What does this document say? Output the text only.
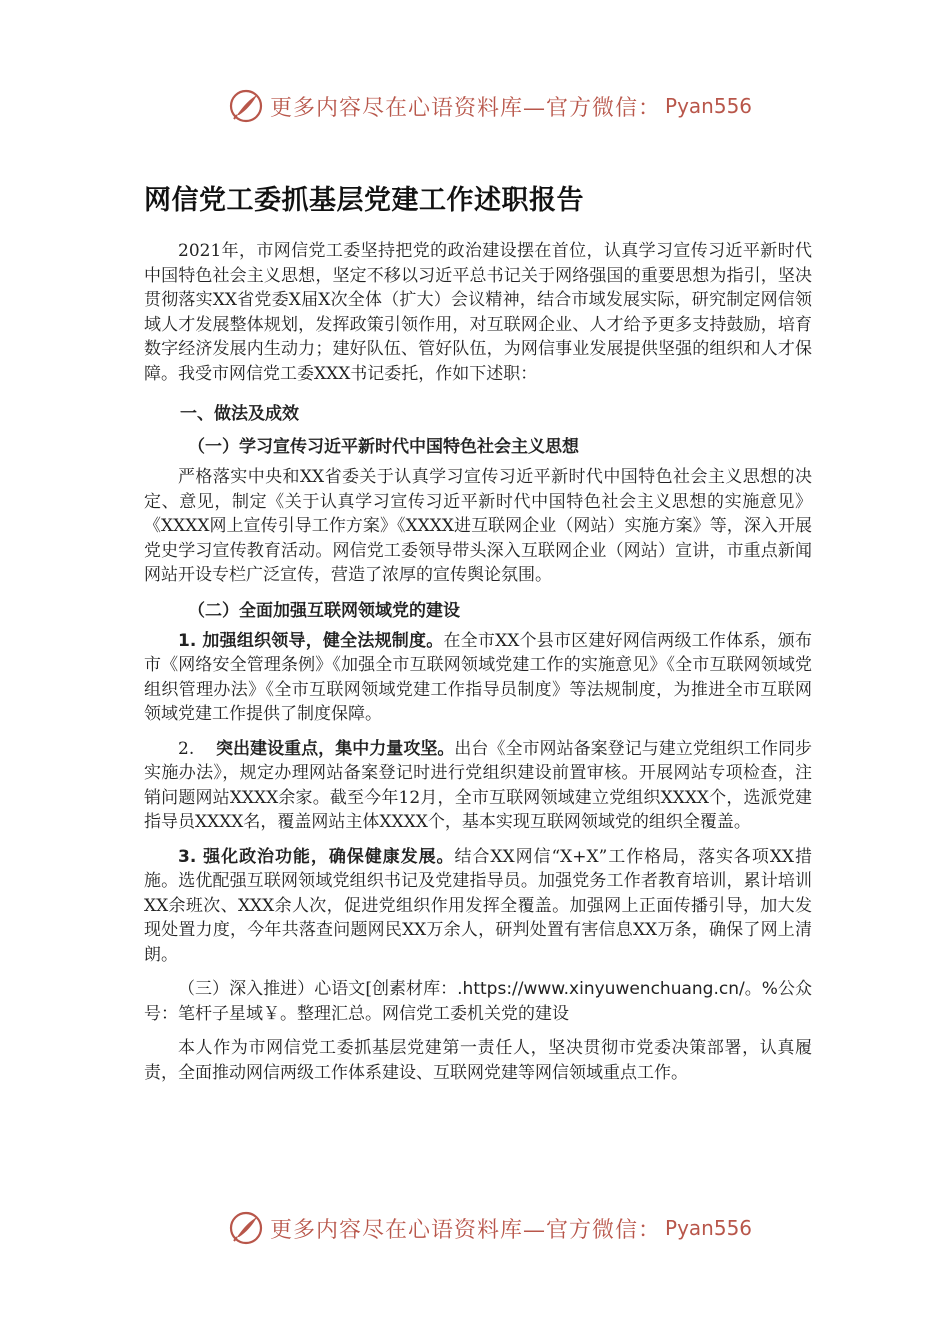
更多内容尽在心语资料库—官方微信： Pyan556
网信党工委抓基层党建工作述职报告

2021年，市网信党工委坚持把党的政治建设摆在首位，认真学习宣传习近平新时代中国特色社会主义思想，坚定不移以习近平总书记关于网络强国的重要思想为指引，坚决贯彻落实XX省党委X届X次全体（扩大）会议精神，结合市域发展实际，研究制定网信领域人才发展整体规划，发挥政策引领作用，对互联网企业、人才给予更多支持鼓励，培育数字经济发展内生动力；建好队伍、管好队伍，为网信事业发展提供坚强的组织和人才保障。我受市网信党工委XXX书记委托，作如下述职：

一、做法及成效
（一）学习宣传习近平新时代中国特色社会主义思想

严格落实中央和XX省委关于认真学习宣传习近平新时代中国特色社会主义思想的决定、意见，制定《关于认真学习宣传习近平新时代中国特色社会主义思想的实施意见》《XXXX网上宣传引导工作方案》《XXXX进互联网企业（网站）实施方案》等，深入开展党史学习宣传教育活动。网信党工委领导带头深入互联网企业（网站）宣讲，市重点新闻网站开设专栏广泛宣传，营造了浓厚的宣传舆论氛围。

（二）全面加强互联网领域党的建设

1. 加强组织领导，健全法规制度。在全市XX个县市区建好网信两级工作体系，颁布市《网络安全管理条例》《加强全市互联网领域党建工作的实施意见》《全市互联网领域党组织管理办法》《全市互联网领域党建工作指导员制度》等法规制度，为推进全市互联网领域党建工作提供了制度保障。

2. 突出建设重点，集中力量攻坚。出台《全市网站备案登记与建立党组织工作同步实施办法》，规定办理网站备案登记时进行党组织建设前置审核。开展网站专项检查，注销问题网站XXXX余家。截至今年12月，全市互联网领域建立党组织XXXX个，选派党建指导员XXXX名，覆盖网站主体XXXX个，基本实现互联网领域党的组织全覆盖。

3. 强化政治功能，确保健康发展。结合XX网信“X+X”工作格局，落实各项XX措施。选优配强互联网领域党组织书记及党建指导员。加强党务工作者教育培训，累计培训XX余班次、XXX余人次，促进党组织作用发挥全覆盖。加强网上正面传播引导，加大发现处置力度，今年共落查问题网民XX万余人，研判处置有害信息XX万条，确保了网上清朗。

（三）深入推进）心语文[创素材库：.https://www.xinyuwenchuang.cn/。%公众号：笔杆子星域￥。整理汇总。网信党工委机关党的建设

本人作为市网信党工委抓基层党建第一责任人，坚决贯彻市党委决策部署，认真履责，全面推动网信两级工作体系建设、互联网党建等网信领域重点工作。

更多内容尽在心语资料库—官方微信： Pyan556
